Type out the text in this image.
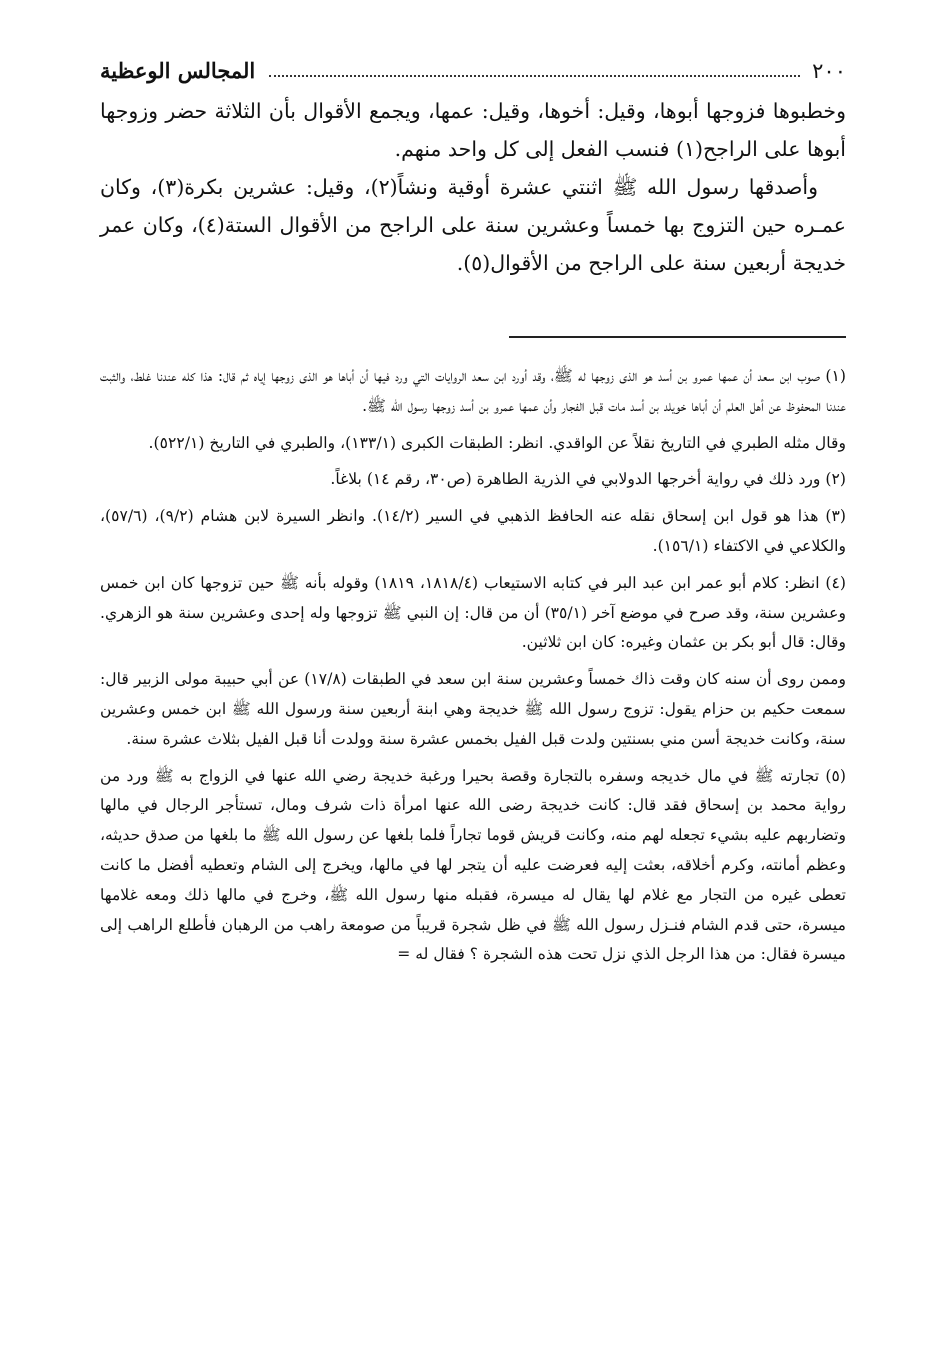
٢٠٠
المجالس الوعظية

وخطبوها فزوجها أبوها، وقيل: أخوها، وقيل: عمها، ويجمع الأقوال بأن الثلاثة حضر وزوجها أبوها على الراجح(١) فنسب الفعل إلى كل واحد منهم.

وأصدقها رسول الله ﷺ اثنتي عشرة أوقية ونشاً(٢)، وقيل: عشرين بكرة(٣)، وكان عمـره حين التزوج بها خمساً وعشرين سنة على الراجح من الأقوال الستة(٤)، وكان عمر خديجة أربعين سنة على الراجح من الأقوال(٥).

(١) صوب ابن سعد أن عمها عمرو بن أسد هو الذى زوجها له ﷺ، وقد أورد ابن سعد الروايات التي ورد فيها أن أباها هو الذى زوجها إياه ثم قال: هذا كله عندنا غلط، والثبت عندنا المحفوظ عن أهل العلم أن أباها خويلد بن أسد مات قبل الفجار وأن عمها عمرو بن أسد زوجها رسول الله ﷺ.

وقال مثله الطبري في التاريخ نقلاً عن الواقدي. انظر: الطبقات الكبرى (١٣٣/١)، والطبري في التاريخ (٥٢٢/١).

(٢) ورد ذلك في رواية أخرجها الدولابي في الذرية الطاهرة (ص٣٠، رقم ١٤) بلاغاً.

(٣) هذا هو قول ابن إسحاق نقله عنه الحافظ الذهبي في السير (١٤/٢). وانظر السيرة لابن هشام (٩/٢)، (٥٧/٦)، والكلاعي في الاكتفاء (١٥٦/١).

(٤) انظر: كلام أبو عمر ابن عبد البر في كتابه الاستيعاب (١٨١٨/٤، ١٨١٩) وقوله بأنه ﷺ حين تزوجها كان ابن خمس وعشرين سنة، وقد صرح في موضع آخر (٣٥/١) أن من قال: إن النبي ﷺ تزوجها وله إحدى وعشرين سنة هو الزهري. وقال: قال أبو بكر بن عثمان وغيره: كان ابن ثلاثين.

وممن روى أن سنه كان وقت ذاك خمساً وعشرين سنة ابن سعد في الطبقات (١٧/٨) عن أبي حبيبة مولى الزبير قال: سمعت حكيم بن حزام يقول: تزوج رسول الله ﷺ خديجة وهي ابنة أربعين سنة ورسول الله ﷺ ابن خمس وعشرين سنة، وكانت خديجة أسن مني بسنتين ولدت قبل الفيل بخمس عشرة سنة وولدت أنا قبل الفيل بثلاث عشرة سنة.

(٥) تجارته ﷺ في مال خديجه وسفره بالتجارة وقصة بحيرا ورغبة خديجة رضي الله عنها في الزواج به ﷺ ورد من رواية محمد بن إسحاق فقد قال: كانت خديجة رضى الله عنها امرأة ذات شرف ومال، تستأجر الرجال في مالها وتضاربهم عليه بشيء تجعله لهم منه، وكانت قريش قوما تجاراً فلما بلغها عن رسول الله ﷺ ما بلغها من صدق حديثه، وعظم أمانته، وكرم أخلاقه، بعثت إليه فعرضت عليه أن يتجر لها في مالها، ويخرج إلى الشام وتعطيه أفضل ما كانت تعطى غيره من التجار مع غلام لها يقال له ميسرة، فقبله منها رسول الله ﷺ، وخرج في مالها ذلك ومعه غلامها ميسرة، حتى قدم الشام فنـزل رسول الله ﷺ في ظل شجرة قريباً من صومعة راهب من الرهبان فأطلع الراهب إلى ميسرة فقال: من هذا الرجل الذي نزل تحت هذه الشجرة ؟ فقال له =
